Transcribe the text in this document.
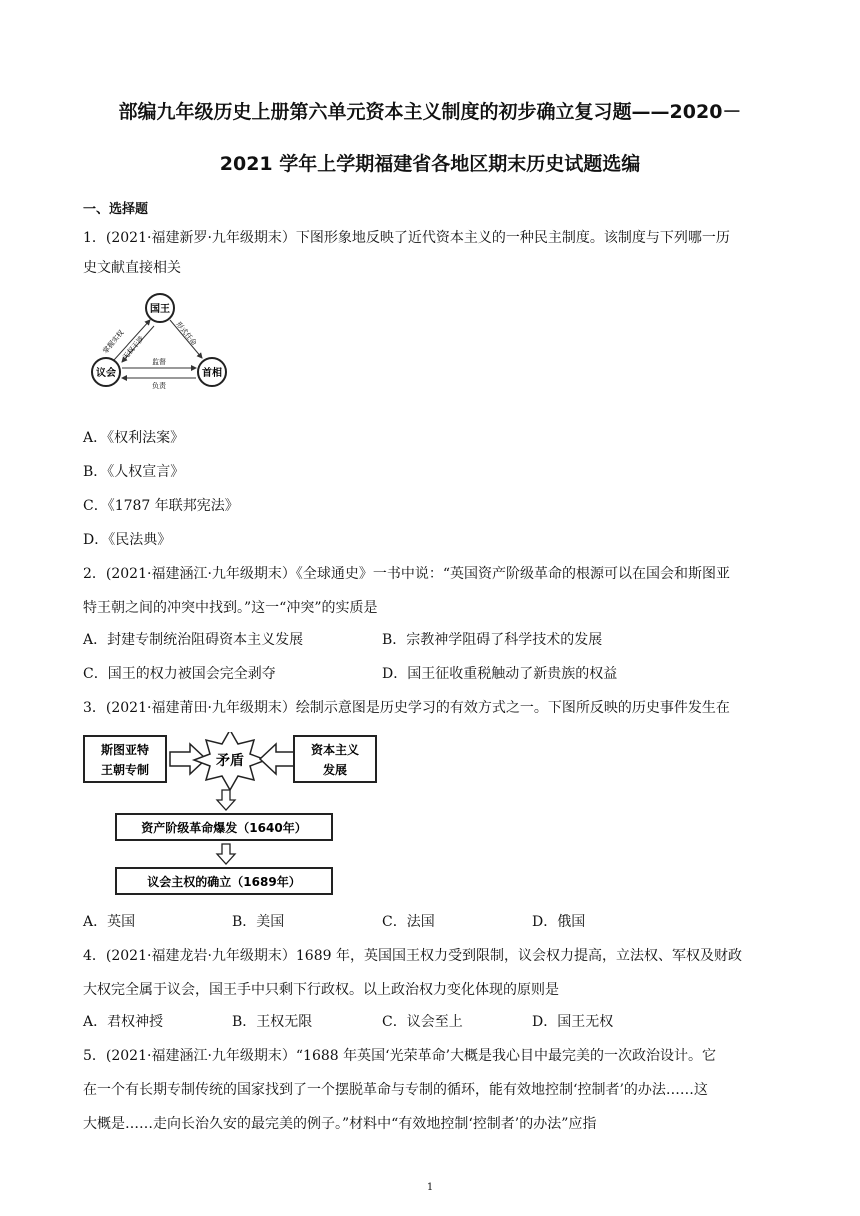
部编九年级历史上册第六单元资本主义制度的初步确立复习题——2020－
2021 学年上学期福建省各地区期末历史试题选编
一、选择题
1．(2021·福建新罗·九年级期末）下图形象地反映了近代资本主义的一种民主制度。该制度与下列哪一历
史文献直接相关
国王
议会	首相
掌握实权
无权干涉
形式任命
监督
负责
A．《权利法案》
B．《人权宣言》
C．《1787 年联邦宪法》
D．《民法典》
2．(2021·福建涵江·九年级期末）《全球通史》一书中说：“英国资产阶级革命的根源可以在国会和斯图亚
特王朝之间的冲突中找到。”这一“冲突”的实质是
A．封建专制统治阻碍资本主义发展	B．宗教神学阻碍了科学技术的发展
C．国王的权力被国会完全剥夺	D．国王征收重税触动了新贵族的权益
3．(2021·福建莆田·九年级期末）绘制示意图是历史学习的有效方式之一。下图所反映的历史事件发生在
斯图亚特
王朝专制
矛盾
资本主义
发展
资产阶级革命爆发（1640年）
议会主权的确立（1689年）
A．英国	B．美国	C．法国	D．俄国
4．(2021·福建龙岩·九年级期末）1689 年，英国国王权力受到限制，议会权力提高，立法权、军权及财政
大权完全属于议会，国王手中只剩下行政权。以上政治权力变化体现的原则是
A．君权神授	B．王权无限	C．议会至上	D．国王无权
5．(2021·福建涵江·九年级期末）“1688 年英国‘光荣革命’大概是我心目中最完美的一次政治设计。它
在一个有长期专制传统的国家找到了一个摆脱革命与专制的循环，能有效地控制‘控制者’的办法……这
大概是……走向长治久安的最完美的例子。”材料中“有效地控制‘控制者’的办法”应指
1
